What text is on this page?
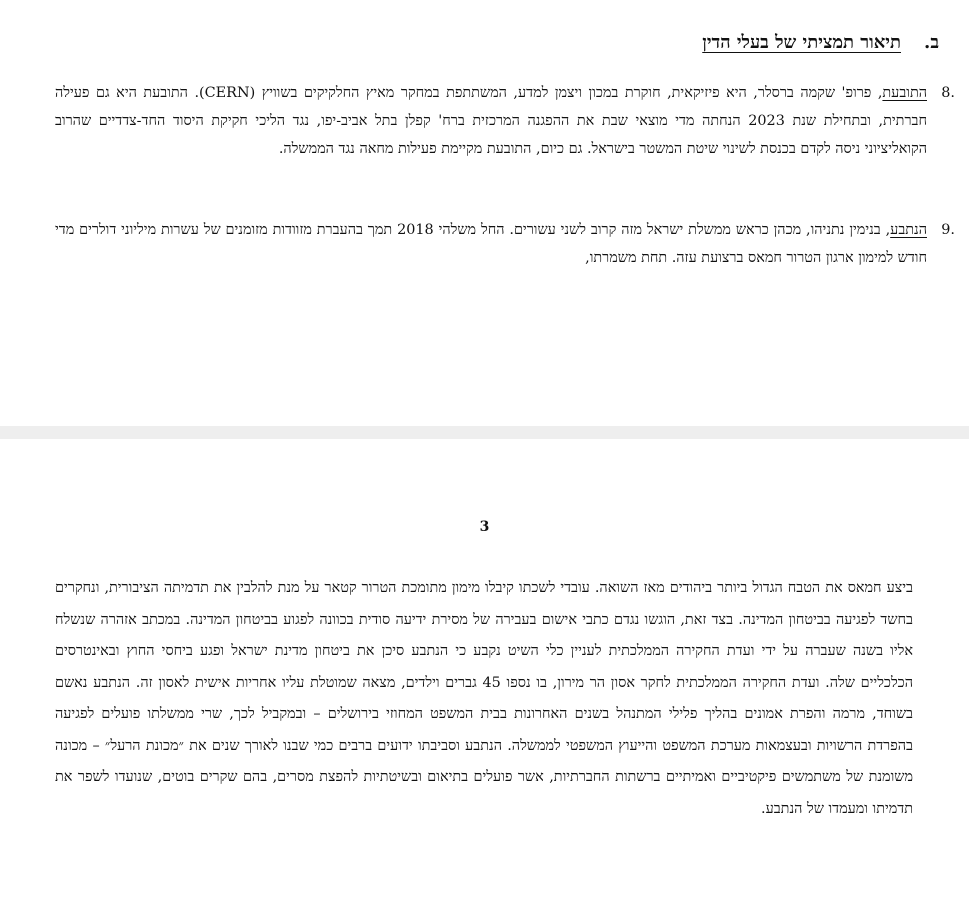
ב.
תיאור תמציתי של בעלי הדין
.8
התובעת, פרופ' שקמה ברסלר, היא פיזיקאית, חוקרת במכון ויצמן למדע, המשתתפת במחקר מאיץ החלקיקים בשוויץ (CERN). התובעת היא גם פעילה חברתית, ובתחילת שנת 2023 הנחתה מדי מוצאי שבת את ההפגנה המרכזית ברח' קפלן בתל אביב-יפו, נגד הליכי חקיקת היסוד החד-צדדיים שהרוב הקואליציוני ניסה לקדם בכנסת לשינוי שיטת המשטר בישראל. גם כיום, התובעת מקיימת פעילות מחאה נגד הממשלה.
.9
הנתבע, בנימין נתניהו, מכהן כראש ממשלת ישראל מזה קרוב לשני עשורים. החל משלהי 2018 תמך בהעברת מזוודות מזומנים של עשרות מיליוני דולרים מדי חודש למימון ארגון הטרור חמאס ברצועת עזה. תחת משמרתו,
3
ביצע חמאס את הטבח הגדול ביותר ביהודים מאז השואה. עובדי לשכתו קיבלו מימון מתומכת הטרור קטאר על מנת להלבין את תדמיתה הציבורית, ונחקרים בחשד לפגיעה בביטחון המדינה. בצד זאת, הוגשו נגדם כתבי אישום בעבירה של מסירת ידיעה סודית בכוונה לפגוע בביטחון המדינה. במכתב אזהרה שנשלח אליו בשנה שעברה על ידי ועדת החקירה הממלכתית לעניין כלי השיט נקבע כי הנתבע סיכן את ביטחון מדינת ישראל ופגע ביחסי החוץ ובאינטרסים הכלכליים שלה. ועדת החקירה הממלכתית לחקר אסון הר מירון, בו נספו 45 גברים וילדים, מצאה שמוטלת עליו אחריות אישית לאסון זה. הנתבע נאשם בשוחד, מרמה והפרת אמונים בהליך פלילי המתנהל בשנים האחרונות בבית המשפט המחוזי בירושלים – ובמקביל לכך, שרי ממשלתו פועלים לפגיעה בהפרדת הרשויות ובעצמאות מערכת המשפט והייעוץ המשפטי לממשלה. הנתבע וסביבתו ידועים ברבים כמי שבנו לאורך שנים את ״מכונת הרעל״ – מכונה משומנת של משתמשים פיקטיביים ואמיתיים ברשתות החברתיות, אשר פועלים בתיאום ובשיטתיות להפצת מסרים, בהם שקרים בוטים, שנועדו לשפר את תדמיתו ומעמדו של הנתבע.
